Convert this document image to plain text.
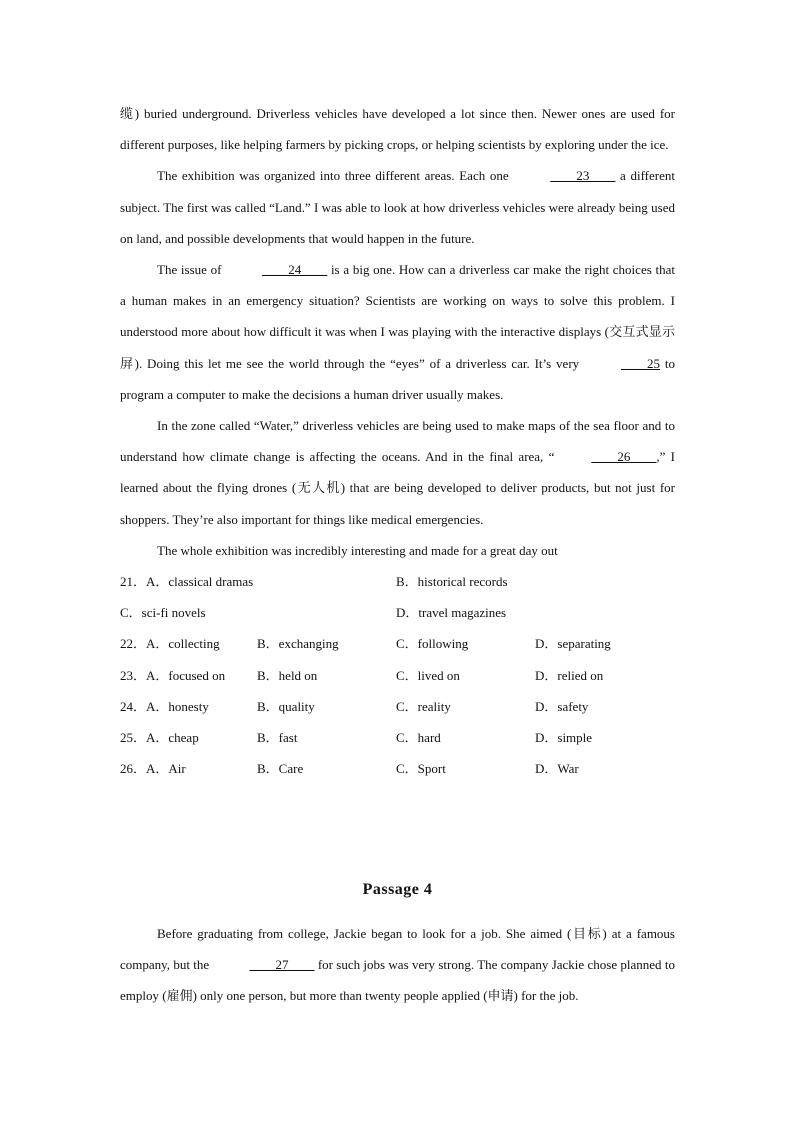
缆) buried underground. Driverless vehicles have developed a lot since then. Newer ones are used for different purposes, like helping farmers by picking crops, or helping scientists by exploring under the ice.

The exhibition was organized into three different areas. Each one	____23____ a different subject. The first was called “Land.” I was able to look at how driverless vehicles were already being used on land, and possible developments that would happen in the future.

The issue of	____24____ is a big one. How can a driverless car make the right choices that a human makes in an emergency situation? Scientists are working on ways to solve this problem. I understood more about how difficult it was when I was playing with the interactive displays (交互式显示屏). Doing this let me see the world through the “eyes” of a driverless car. It’s very	____25 to program a computer to make the decisions a human driver usually makes.

In the zone called “Water,” driverless vehicles are being used to make maps of the sea floor and to understand how climate change is affecting the oceans. And in the final area, “	____26____,” I learned about the flying drones (无人机) that are being developed to deliver products, but not just for shoppers. They’re also important for things like medical emergencies.

The whole exhibition was incredibly interesting and made for a great day out

21．A．classical dramas	B．historical records
C．sci-fi novels	D．travel magazines
22．A．collecting	B．exchanging	C．following	D．separating
23．A．focused on B．held on	C．lived on	D．relied on
24．A．honesty	B．quality	C．reality	D．safety
25．A．cheap	B．fast	C．hard	D．simple
26．A．Air	B．Care	C．Sport	D．War
Passage 4

Before graduating from college, Jackie began to look for a job. She aimed (目标) at a famous company, but the	____27____ for such jobs was very strong. The company Jackie chose planned to employ (雇佣) only one person, but more than twenty people applied (申请) for the job.
